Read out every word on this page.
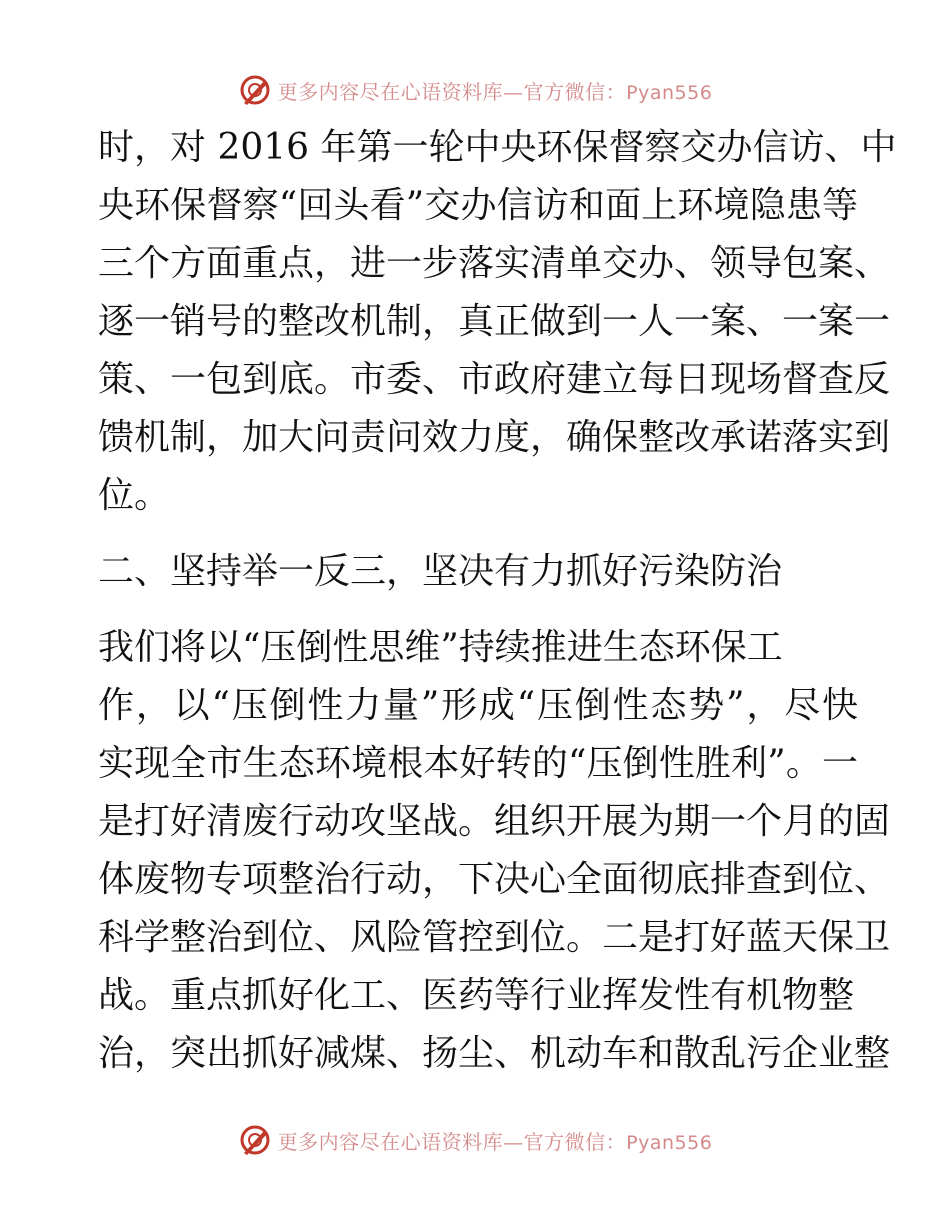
更多内容尽在心语资料库—官方微信：Pyan556
时，对 2016 年第一轮中央环保督察交办信访、中
央环保督察“回头看”交办信访和面上环境隐患等
三个方面重点，进一步落实清单交办、领导包案、
逐一销号的整改机制，真正做到一人一案、一案一
策、一包到底。市委、市政府建立每日现场督查反
馈机制，加大问责问效力度，确保整改承诺落实到
位。
二、坚持举一反三，坚决有力抓好污染防治
我们将以“压倒性思维”持续推进生态环保工
作，以“压倒性力量”形成“压倒性态势”，尽快
实现全市生态环境根本好转的“压倒性胜利”。一
是打好清废行动攻坚战。组织开展为期一个月的固
体废物专项整治行动，下决心全面彻底排查到位、
科学整治到位、风险管控到位。二是打好蓝天保卫
战。重点抓好化工、医药等行业挥发性有机物整
治，突出抓好减煤、扬尘、机动车和散乱污企业整
更多内容尽在心语资料库—官方微信：Pyan556
